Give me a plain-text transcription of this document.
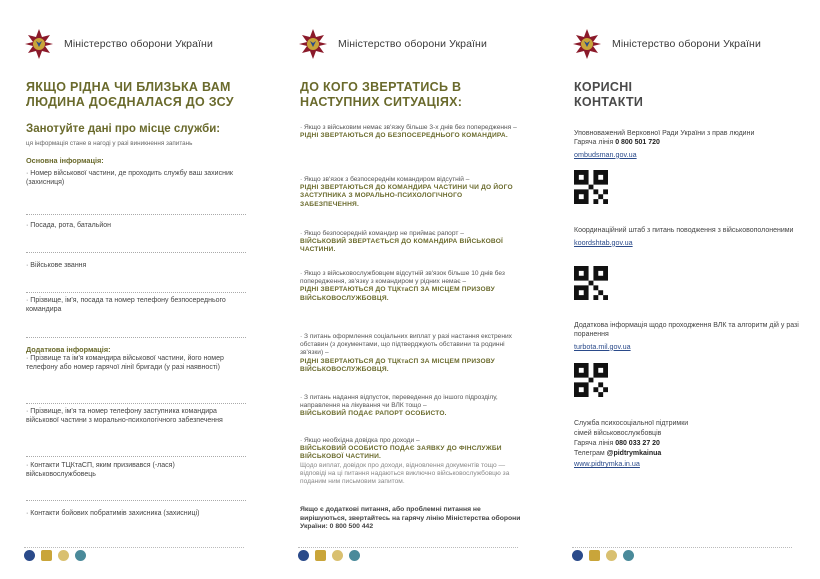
Міністерство оборони України
ЯКЩО РІДНА ЧИ БЛИЗЬКА ВАМ
ЛЮДИНА ДОЄДНАЛАСЯ ДО ЗСУ
Занотуйте дані про місце служби:
ця інформація стане в нагоді у разі виникнення запитань
Основна інформація:
· Номер військової частини, де проходить службу ваш захисник (захисниця)
· Посада, рота, батальйон
· Військове звання
· Прізвище, ім'я, посада та номер телефону безпосереднього командира
Додаткова інформація:
· Прізвище та ім'я командира військової частини, його номер телефону або номер гарячої лінії бригади (у разі наявності)
· Прізвище, ім'я та номер телефону заступника командира військової частини з морально-психологічного забезпечення
· Контакти ТЦКтаСП, яким призивався (-лася) військовослужбовець
· Контакти бойових побратимів захисника (захисниці)
Міністерство оборони України
ДО КОГО ЗВЕРТАТИСЬ В
НАСТУПНИХ СИТУАЦІЯХ:
· Якщо з військовим немає зв'язку більше 3-х днів без попередження –
РІДНІ ЗВЕРТАЮТЬСЯ ДО БЕЗПОСЕРЕДНЬОГО КОМАНДИРА.
· Якщо зв'язок з безпосереднім командиром відсутній –
РІДНІ ЗВЕРТАЮТЬСЯ ДО КОМАНДИРА ЧАСТИНИ ЧИ ДО ЙОГО ЗАСТУПНИКА З МОРАЛЬНО-ПСИХОЛОГІЧНОГО ЗАБЕЗПЕЧЕННЯ.
· Якщо безпосередній командир не приймає рапорт –
ВІЙСЬКОВИЙ ЗВЕРТАЄТЬСЯ ДО КОМАНДИРА ВІЙСЬКОВОЇ ЧАСТИНИ.
· Якщо з військовослужбовцем відсутній зв'язок більше 10 днів без попередження, зв'язку з командиром у рідних немає –
РІДНІ ЗВЕРТАЮТЬСЯ ДО ТЦКтаСП ЗА МІСЦЕМ ПРИЗОВУ ВІЙСЬКОВОСЛУЖБОВЦЯ.
· З питань оформлення соціальних виплат у разі настання екстрених обставин (з документами, що підтверджують обставини та родинні зв'язки) –
РІДНІ ЗВЕРТАЮТЬСЯ ДО ТЦКтаСП ЗА МІСЦЕМ ПРИЗОВУ ВІЙСЬКОВОСЛУЖБОВЦЯ.
· З питань надання відпусток, переведення до іншого підрозділу, направлення на лікування чи ВЛК тощо –
ВІЙСЬКОВИЙ ПОДАЄ РАПОРТ ОСОБИСТО.
· Якщо необхідна довідка про доходи –
ВІЙСЬКОВИЙ ОСОБИСТО ПОДАЄ ЗАЯВКУ ДО ФІНСЛУЖБИ ВІЙСЬКОВОЇ ЧАСТИНИ.
Щодо виплат, довідок про доходи, відновлення документів тощо — відповіді на ці питання надаються виключно військовослужбовцю за поданим ним письмовим запитом.
Якщо є додаткові питання, або проблемні питання не вирішуються, звертайтесь на гарячу лінію Міністерства оборони України: 0 800 500 442
Міністерство оборони України
КОРИСНІ
КОНТАКТИ
Уповноважений Верховної Ради України з прав людини
Гаряча лінія 0 800 501 720
ombudsman.gov.ua
Координаційний штаб з питань поводження з військовополоненими
koordshtab.gov.ua
Додаткова інформація щодо проходження ВЛК та алгоритм дій у разі поранення
turbota.mil.gov.ua
Служба психосоціальної підтримки
сімей військовослужбовців
Гаряча лінія 080 033 27 20
Телеграм @pidtrymkainua
www.pidtrymka.in.ua
